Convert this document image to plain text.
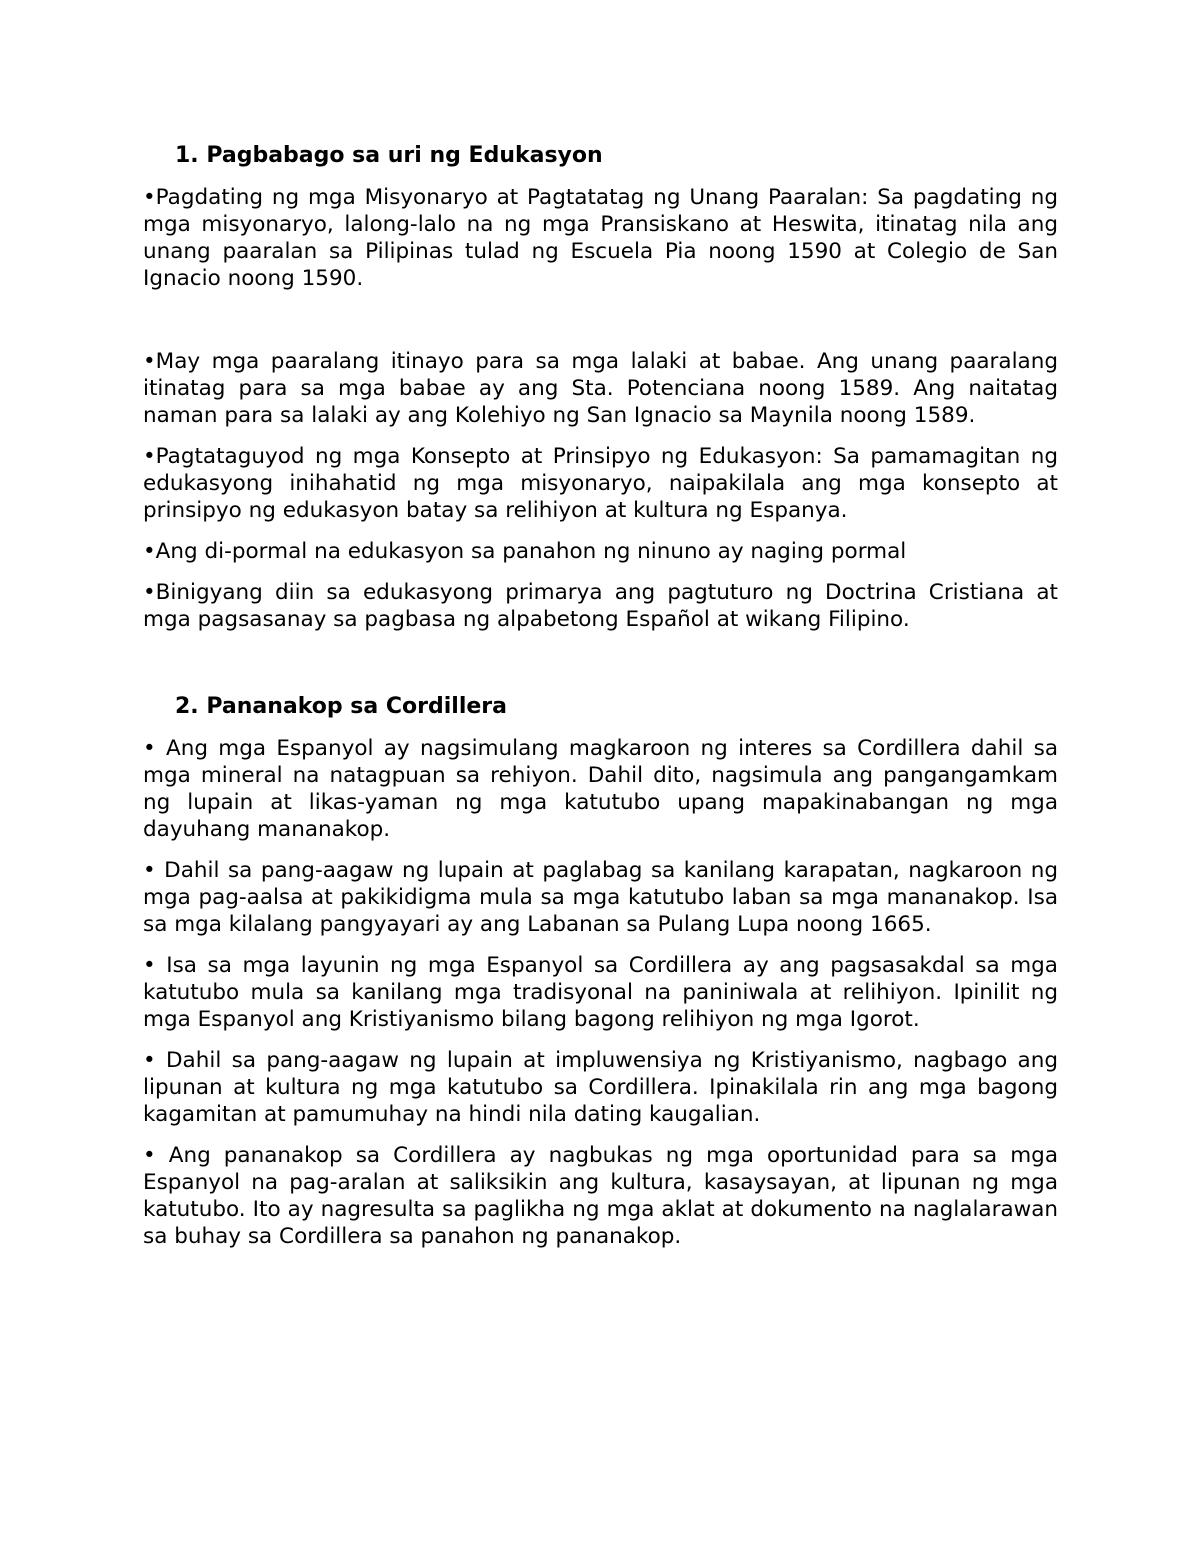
1. Pagbabago sa uri ng Edukasyon

•Pagdating ng mga Misyonaryo at Pagtatatag ng Unang Paaralan: Sa pagdating ng mga misyonaryo, lalong-lalo na ng mga Pransiskano at Heswita, itinatag nila ang unang paaralan sa Pilipinas tulad ng Escuela Pia noong 1590 at Colegio de San Ignacio noong 1590.

•May mga paaralang itinayo para sa mga lalaki at babae. Ang unang paaralang itinatag para sa mga babae ay ang Sta. Potenciana noong 1589. Ang naitatag naman para sa lalaki ay ang Kolehiyo ng San Ignacio sa Maynila noong 1589.

•Pagtataguyod ng mga Konsepto at Prinsipyo ng Edukasyon: Sa pamamagitan ng edukasyong inihahatid ng mga misyonaryo, naipakilala ang mga konsepto at prinsipyo ng edukasyon batay sa relihiyon at kultura ng Espanya.

•Ang di-pormal na edukasyon sa panahon ng ninuno ay naging pormal

•Binigyang diin sa edukasyong primarya ang pagtuturo ng Doctrina Cristiana at mga pagsasanay sa pagbasa ng alpabetong Español at wikang Filipino.

2. Pananakop sa Cordillera

• Ang mga Espanyol ay nagsimulang magkaroon ng interes sa Cordillera dahil sa mga mineral na natagpuan sa rehiyon. Dahil dito, nagsimula ang pangangamkam ng lupain at likas-yaman ng mga katutubo upang mapakinabangan ng mga dayuhang mananakop.

• Dahil sa pang-aagaw ng lupain at paglabag sa kanilang karapatan, nagkaroon ng mga pag-aalsa at pakikidigma mula sa mga katutubo laban sa mga mananakop. Isa sa mga kilalang pangyayari ay ang Labanan sa Pulang Lupa noong 1665.

• Isa sa mga layunin ng mga Espanyol sa Cordillera ay ang pagsasakdal sa mga katutubo mula sa kanilang mga tradisyonal na paniniwala at relihiyon. Ipinilit ng mga Espanyol ang Kristiyanismo bilang bagong relihiyon ng mga Igorot.

• Dahil sa pang-aagaw ng lupain at impluwensiya ng Kristiyanismo, nagbago ang lipunan at kultura ng mga katutubo sa Cordillera. Ipinakilala rin ang mga bagong kagamitan at pamumuhay na hindi nila dating kaugalian.

• Ang pananakop sa Cordillera ay nagbukas ng mga oportunidad para sa mga Espanyol na pag-aralan at saliksikin ang kultura, kasaysayan, at lipunan ng mga katutubo. Ito ay nagresulta sa paglikha ng mga aklat at dokumento na naglalarawan sa buhay sa Cordillera sa panahon ng pananakop.
